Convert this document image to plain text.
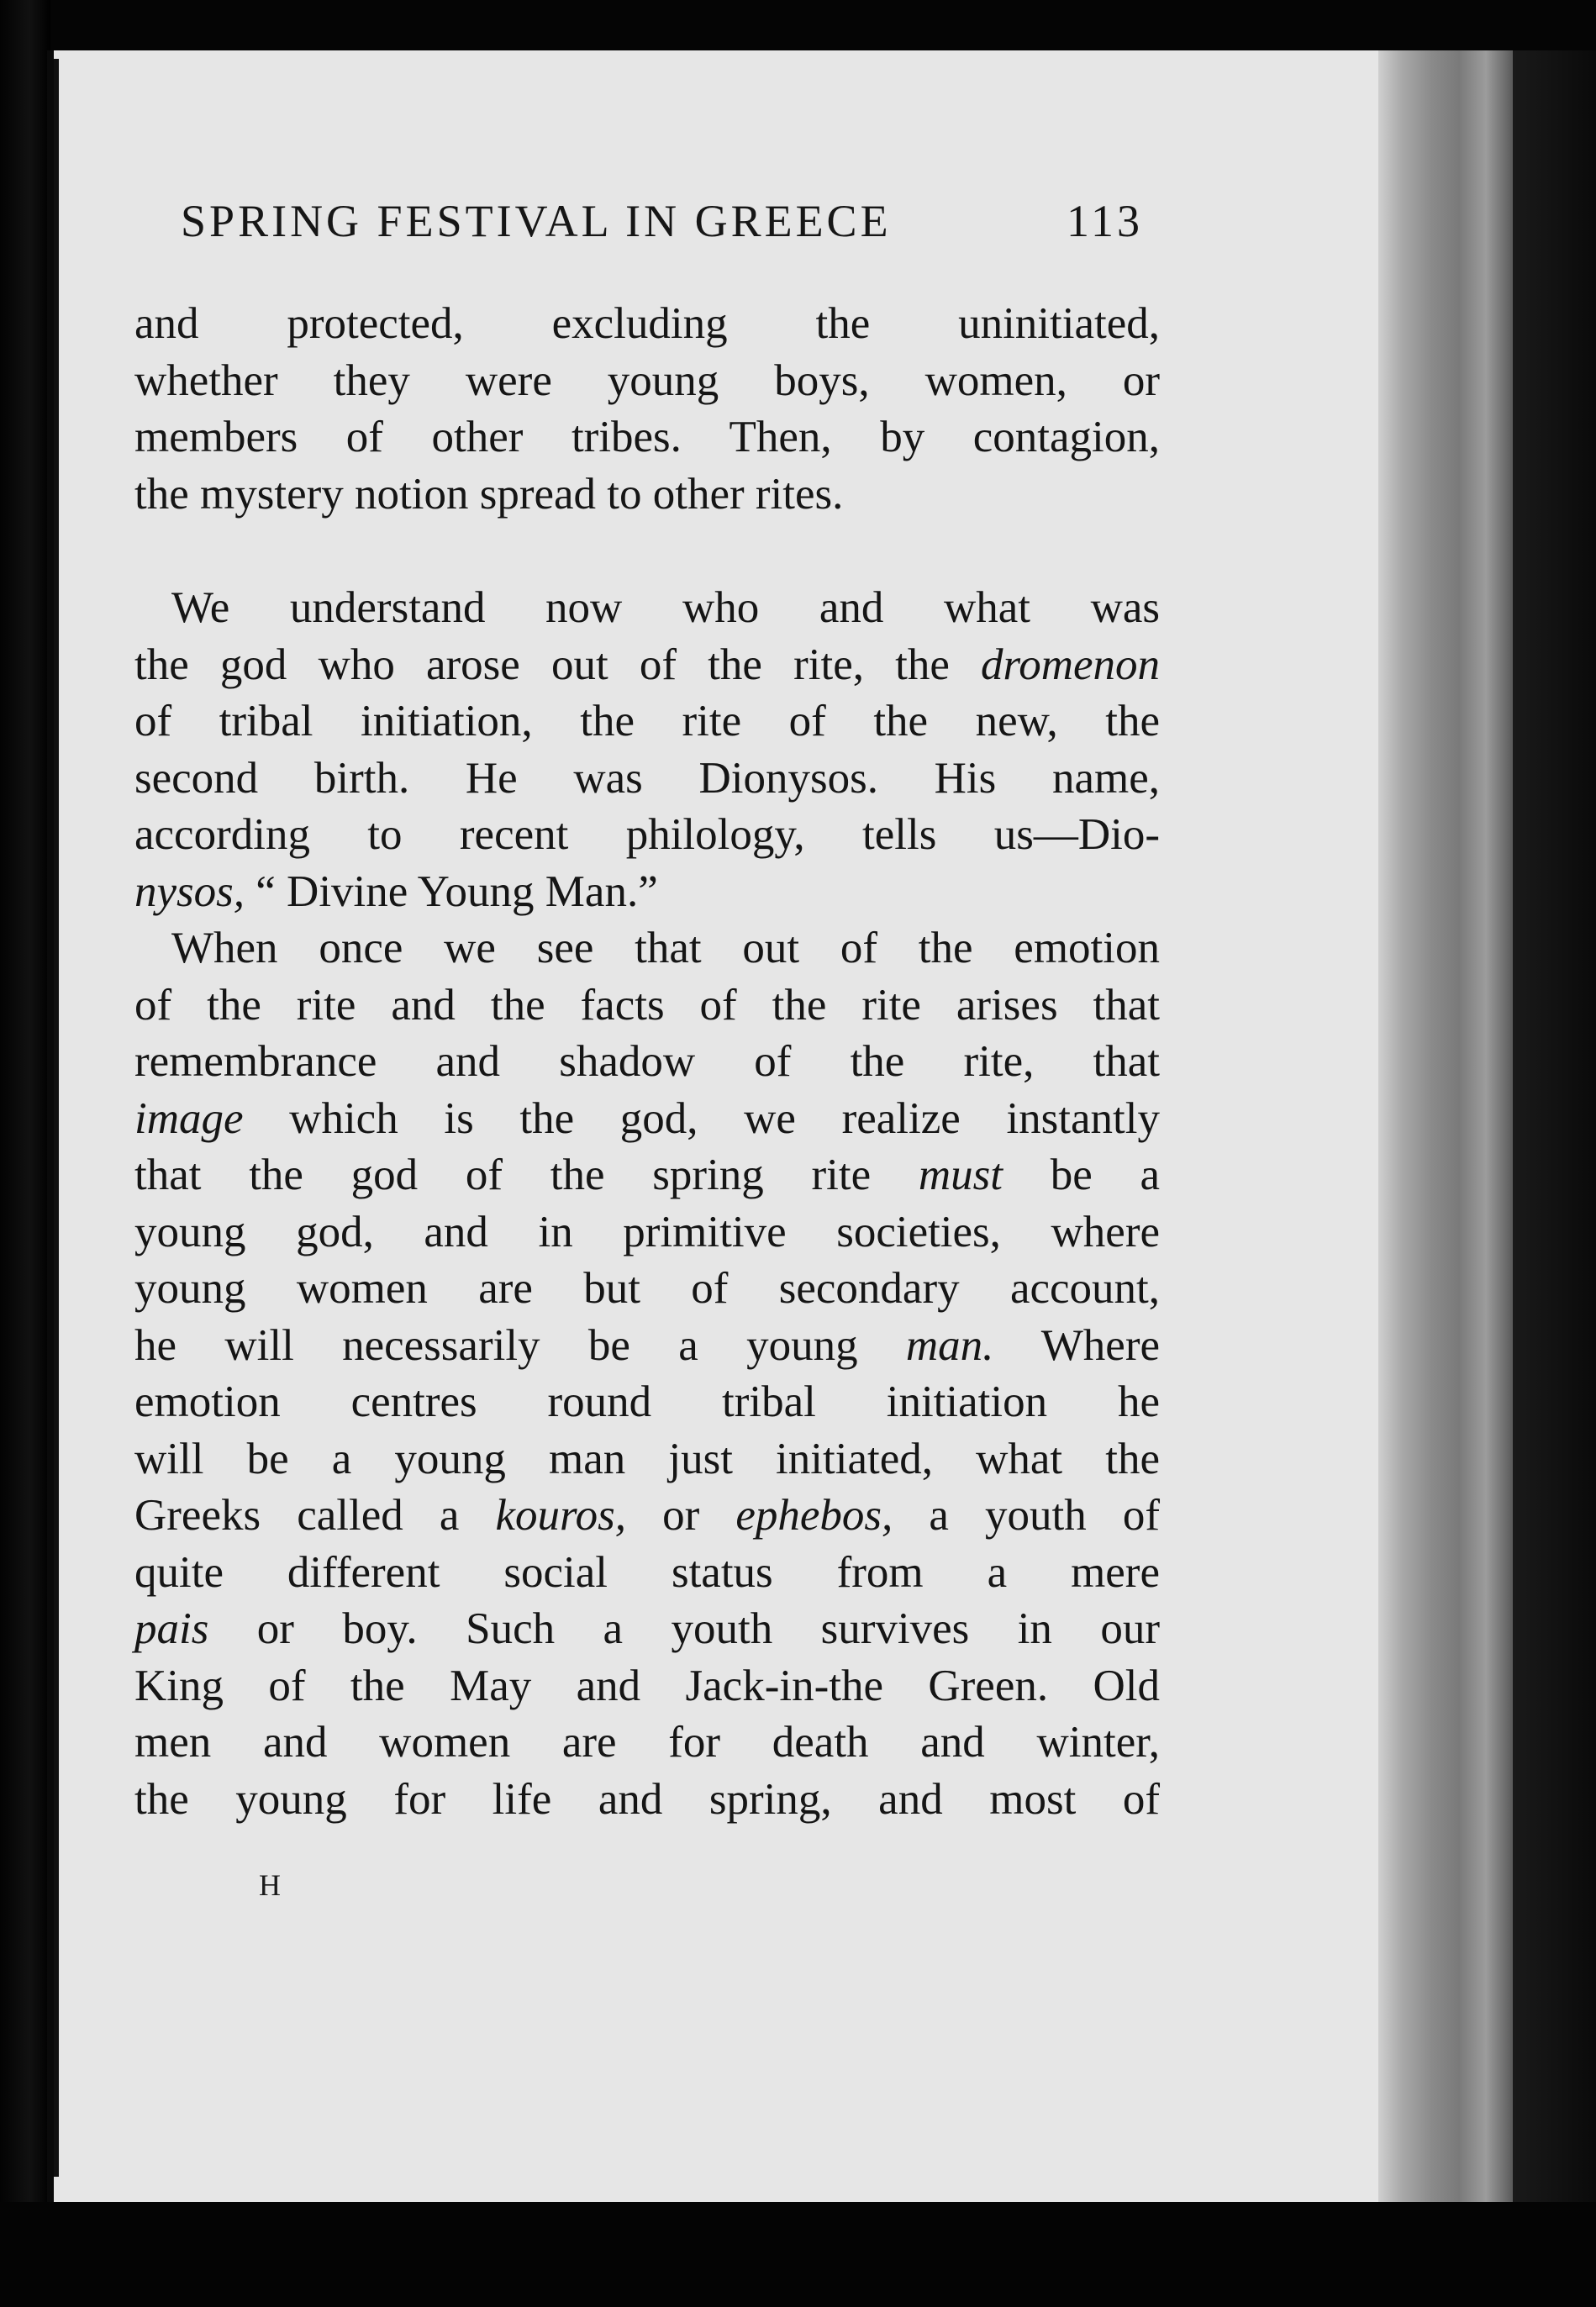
SPRING FESTIVAL IN GREECE	113
and protected, excluding the uninitiated,
whether they were young boys, women, or
members of other tribes. Then, by contagion,
the mystery notion spread to other rites.
We understand now who and what was
the god who arose out of the rite, the dromenon
of tribal initiation, the rite of the new, the
second birth. He was Dionysos. His name,
according to recent philology, tells us—Dio-
nysos, “ Divine Young Man.”
When once we see that out of the emotion
of the rite and the facts of the rite arises that
remembrance and shadow of the rite, that
image which is the god, we realize instantly
that the god of the spring rite must be a
young god, and in primitive societies, where
young women are but of secondary account,
he will necessarily be a young man. Where
emotion centres round tribal initiation he
will be a young man just initiated, what the
Greeks called a kouros, or ephebos, a youth of
quite different social status from a mere
pais or boy. Such a youth survives in our
King of the May and Jack-in-the Green. Old
men and women are for death and winter,
the young for life and spring, and most of
H
